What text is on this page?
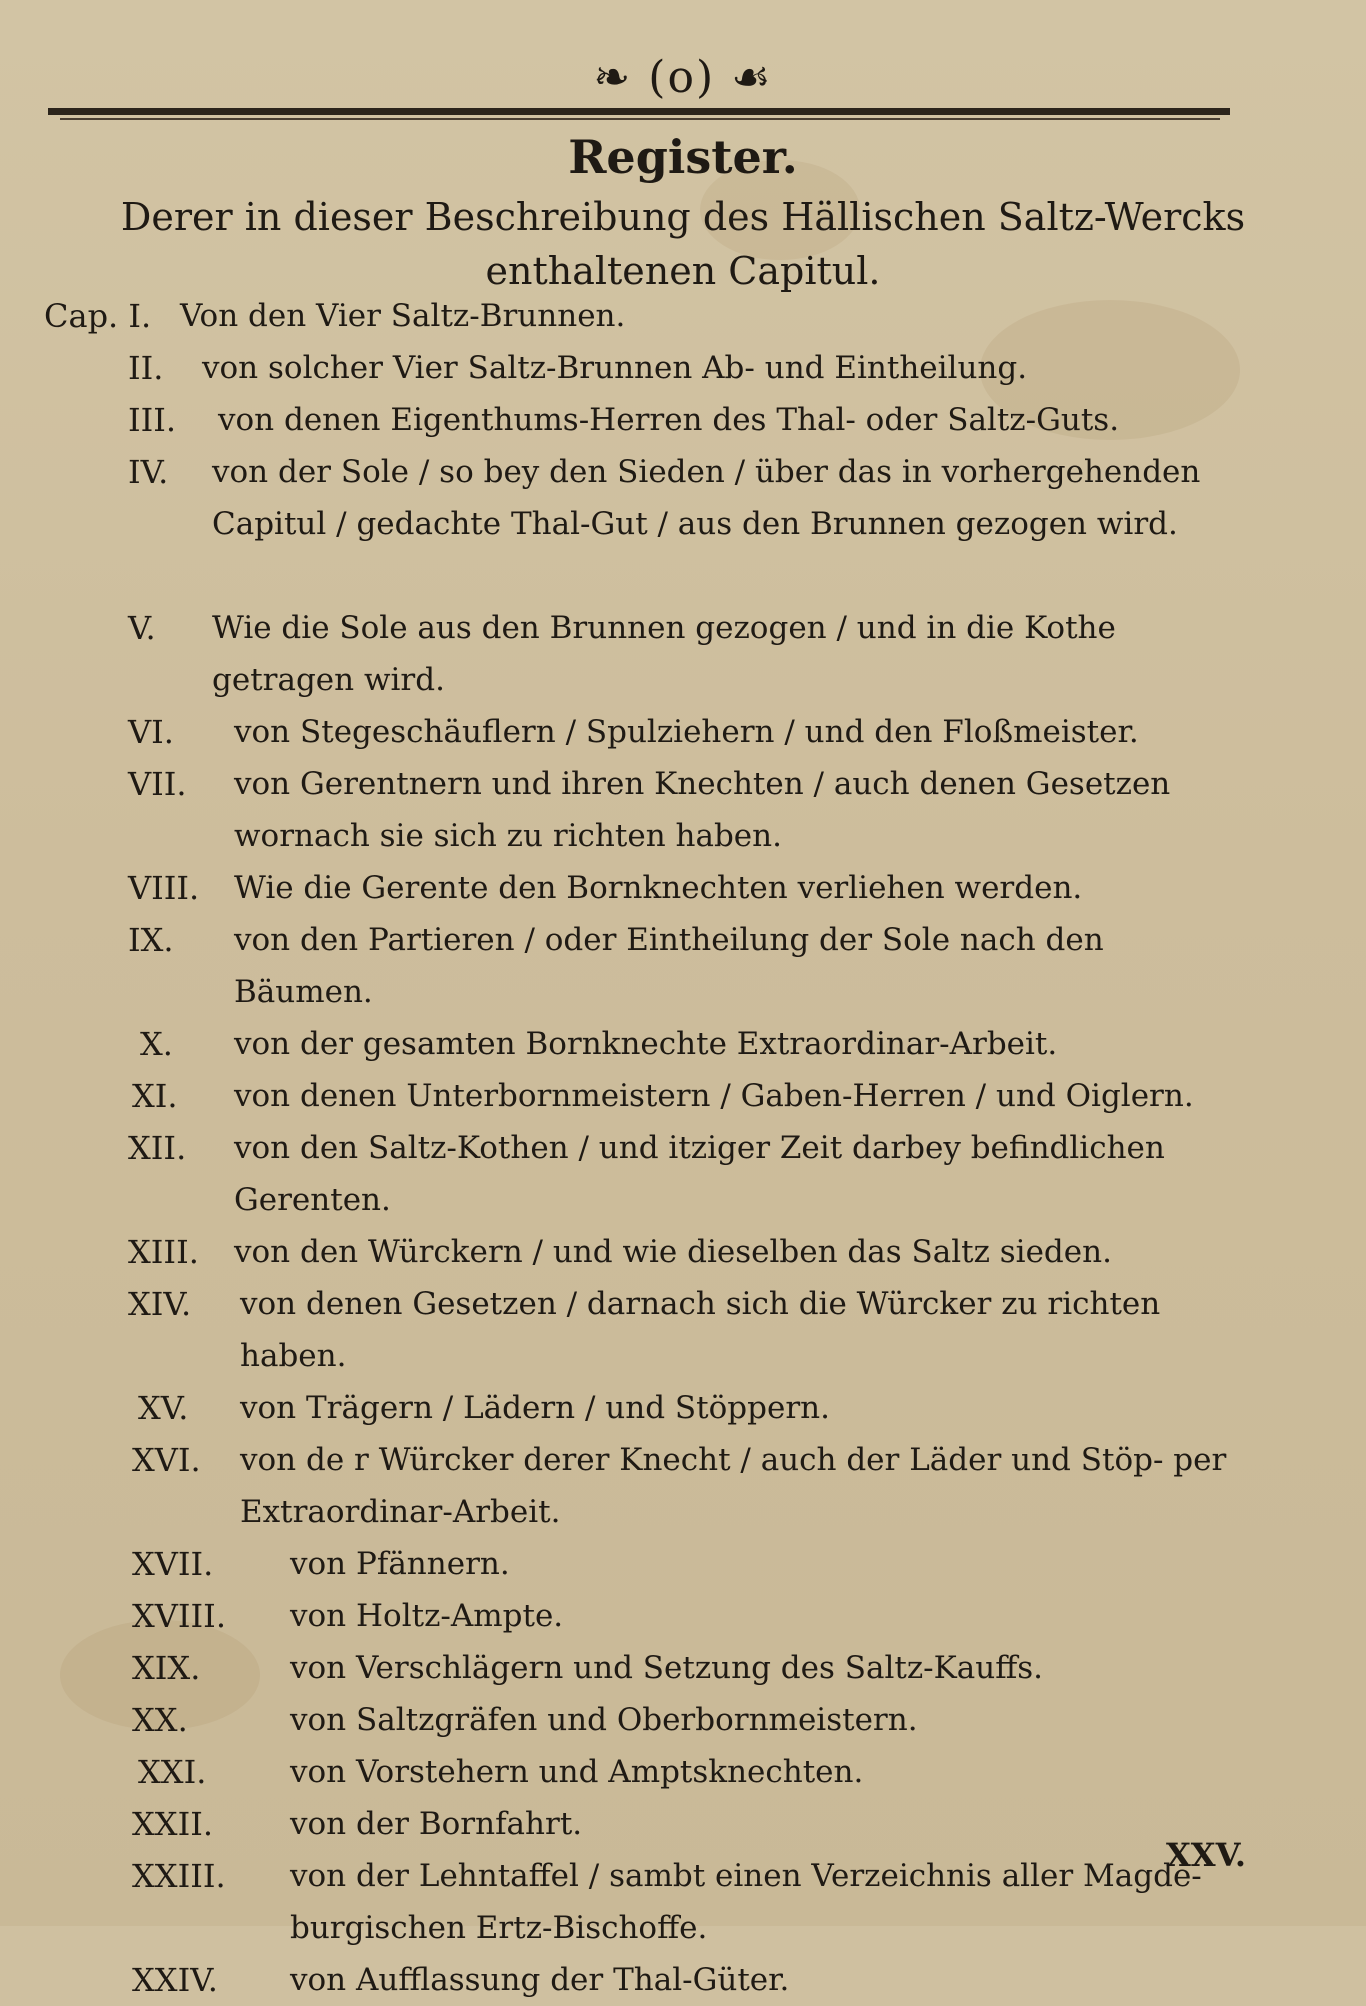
❧ (o) ☙
Register.
Derer in dieser Beschreibung des Hällischen Saltz-Wercks enthaltenen Capitul.
Cap. I. Von den Vier Saltz-Brunnen.
II. von solcher Vier Saltz-Brunnen Ab- und Eintheilung.
III. von denen Eigenthums-Herren des Thal- oder Saltz-Guts.
IV. von der Sole / so bey den Sieden / über das in vorhergehenden Capitul / gedachte Thal-Gut / aus den Brunnen gezogen wird.
V. Wie die Sole aus den Brunnen gezogen / und in die Kothe getragen wird.
VI. von Stegeschäuflern / Spulziehern / und den Floßmeister.
VII. von Gerentnern und ihren Knechten / auch denen Gesetzen wornach sie sich zu richten haben.
VIII. Wie die Gerente den Bornknechten verliehen werden.
IX. von den Partieren / oder Eintheilung der Sole nach den Bäumen.
X. von der gesamten Bornknechte Extraordinar-Arbeit.
XI. von denen Unterbornmeistern / Gaben-Herren / und Oiglern.
XII. von den Saltz-Kothen / und itziger Zeit darbey befindlichen Gerenten.
XIII. von den Würckern / und wie dieselben das Saltz sieden.
XIV. von denen Gesetzen / darnach sich die Würcker zu richten haben.
XV. von Trägern / Lädern / und Stöppern.
XVI. von de r Würcker derer Knecht / auch der Läder und Stöp- per Extraordinar-Arbeit.
XVII. von Pfännern.
XVIII. von Holtz-Ampte.
XIX.	von Verschlägern und Setzung des Saltz-Kauffs.
XX.	von Saltzgräfen und Oberbornmeistern.
XXI.	von Vorstehern und Amptsknechten.
XXII. von der Bornfahrt.
XXIII. von der Lehntaffel / sambt einen Verzeichnis aller Magde- burgischen Ertz-Bischoffe.
XXIV. von Aufflassung der Thal-Güter.
XXV.
